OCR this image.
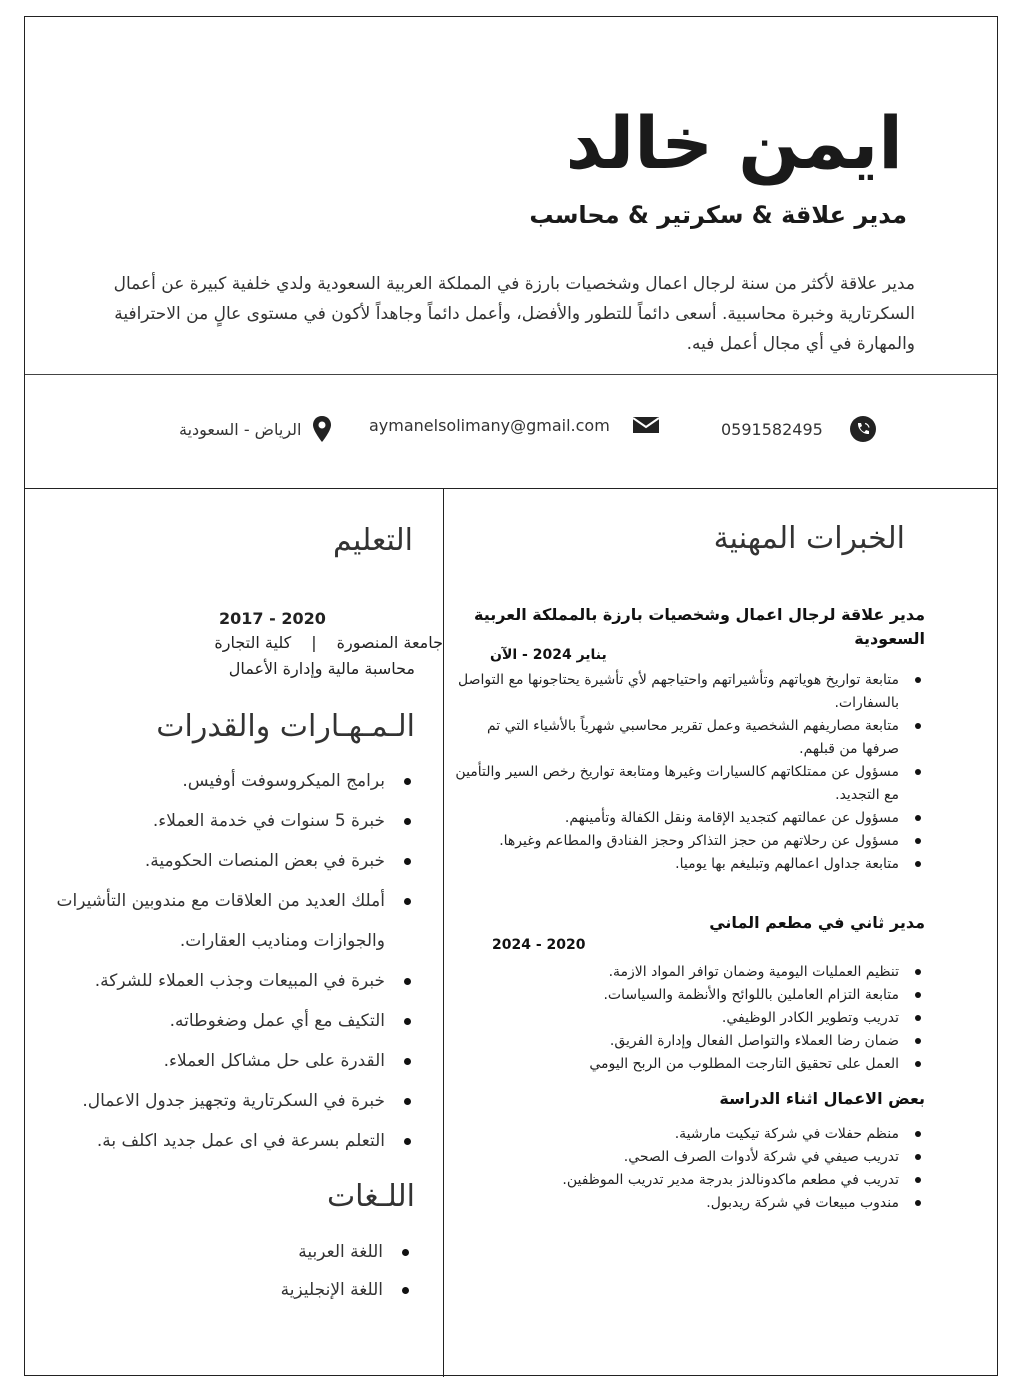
ايمن خالد
مدير علاقة & سكرتير & محاسب

مدير علاقة لأكثر من سنة لرجال اعمال وشخصيات بارزة في المملكة العربية السعودية ولدي خلفية كبيرة عن أعمال السكرتارية وخبرة محاسبية. أسعى دائماً للتطور والأفضل، وأعمل دائماً وجاهداً لأكون في مستوى عالٍ من الاحترافية والمهارة في أي مجال أعمل فيه.

0591582495
aymanelsolimany@gmail.com
الرياض - السعودية
الخبرات المهنية
مدير علاقة لرجال اعمال وشخصيات بارزة بالمملكة العربية السعودية
يناير 2024 - الآن
متابعة تواريخ هوياتهم وتأشيراتهم واحتياجهم لأي تأشيرة يحتاجونها مع التواصل بالسفارات.
متابعة مصاريفهم الشخصية وعمل تقرير محاسبي شهرياً بالأشياء التي تم صرفها من قبلهم.
مسؤول عن ممتلكاتهم كالسيارات وغيرها ومتابعة تواريخ رخص السير والتأمين مع التجديد.
مسؤول عن عمالتهم كتجديد الإقامة ونقل الكفالة وتأمينهم.
مسؤول عن رحلاتهم من حجز التذاكر وحجز الفنادق والمطاعم وغيرها.
متابعة جداول اعمالهم وتبليغم بها يوميا.
مدير ثاني في مطعم الماني
2020 - 2024
تنظيم العمليات اليومية وضمان توافر المواد الازمة.
متابعة التزام العاملين باللوائح والأنظمة والسياسات.
تدريب وتطوير الكادر الوظيفي.
ضمان رضا العملاء والتواصل الفعال وإدارة الفريق.
العمل على تحقيق التارجت المطلوب من الربح اليومي
بعض الاعمال اثناء الدراسة
منظم حفلات في شركة تيكيت مارشية.
تدريب صيفي في شركة لأدوات الصرف الصحي.
تدريب في مطعم ماكدونالدز بدرجة مدير تدريب الموظفين.
مندوب مبيعات في شركة ريدبول.
التعليم
2017 - 2020
جامعة المنصورة
|
كلية التجارة
محاسبة مالية وإدارة الأعمال
الـمـهـارات والقدرات
برامج الميكروسوفت أوفيس.
خبرة 5 سنوات في خدمة العملاء.
خبرة في بعض المنصات الحكومية.
أملك العديد من العلاقات مع مندوبين التأشيرات والجوازات ومناديب العقارات.
خبرة في المبيعات وجذب العملاء للشركة.
التكيف مع أي عمل وضغوطاته.
القدرة على حل مشاكل العملاء.
خبرة في السكرتارية وتجهيز جدول الاعمال.
التعلم بسرعة في اى عمل جديد اكلف بة.
اللـغات
اللغة العربية
اللغة الإنجليزية
